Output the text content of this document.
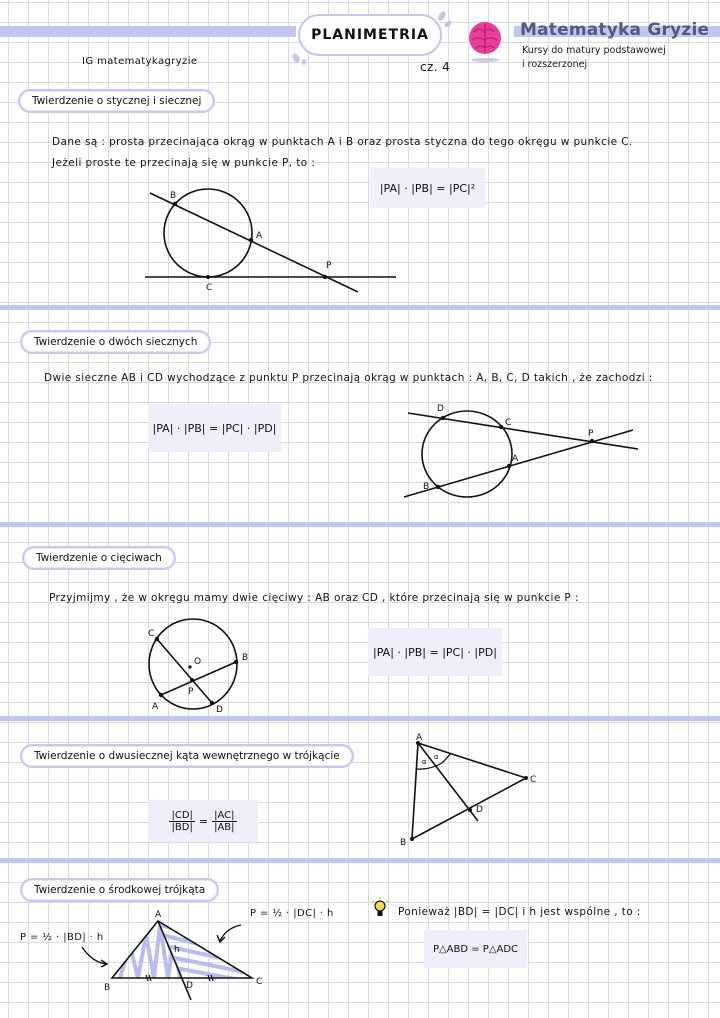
PLANIMETRIA
cz. 4
IG matematykagryzie
Matematyka Gryzie
Kursy do matury podstawowej
i rozszerzonej
Twierdzenie o stycznej i siecznej
Dane są : prosta przecinająca okrąg w punktach A i B oraz prosta styczna do tego okręgu w punkcie C.
Jeżeli proste te przecinają się w punkcie P, to :
|PA| · |PB| = |PC|²
B
A
P
C
Twierdzenie o dwóch siecznych
Dwie sieczne AB i CD wychodzące z punktu P przecinają okrąg w punktach : A, B, C, D takich , że zachodzi :
|PA| · |PB| = |PC| · |PD|
D
C
P
A
B
Twierdzenie o cięciwach
Przyjmijmy , że w okręgu mamy dwie cięciwy : AB oraz CD , które przecinają się w punkcie P :
|PA| · |PB| = |PC| · |PD|
C
O	B
P
A	D
Twierdzenie o dwusiecznej kąta wewnętrznego w trójkącie
$\frac{|CD|}{|BD|} = \frac{|AC|}{|AB|}$
A
C
D
B
α
α
Twierdzenie o środkowej trójkąta
P = ½ · |BD| · h
P = ½ · |DC| · h
A
B
C
D
h
Ponieważ |BD| = |DC| i h jest wspólne , to :
P△ABD = P△ADC
